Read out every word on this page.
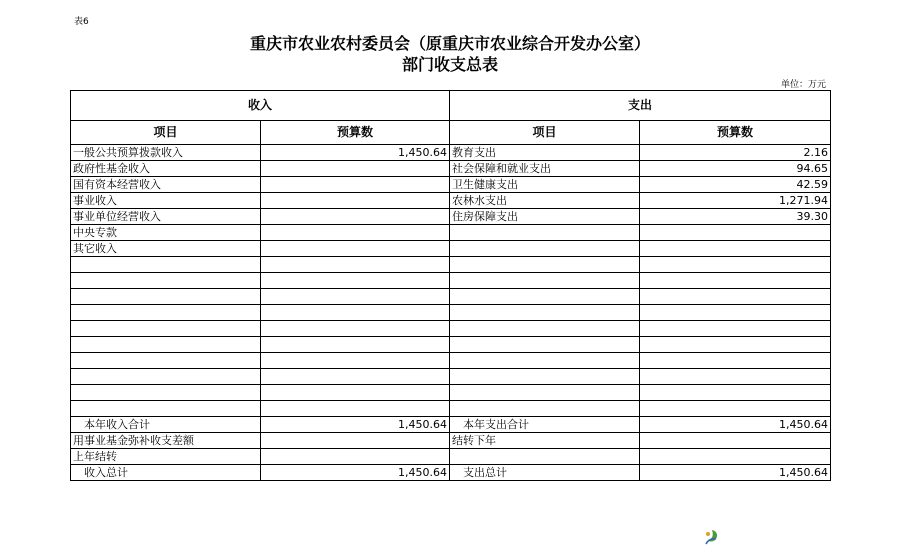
表6
重庆市农业农村委员会（原重庆市农业综合开发办公室）
部门收支总表
单位：万元
收入		支出	
项目	预算数	项目	预算数
一般公共预算拨款收入	1,450.64	教育支出	2.16
政府性基金收入		社会保障和就业支出	94.65
国有资本经营收入		卫生健康支出	42.59
事业收入		农林水支出	1,271.94
事业单位经营收入		住房保障支出	39.30
中央专款			
其它收入			

本年收入合计	1,450.64	本年支出合计	1,450.64
用事业基金弥补收支差额		结转下年	
上年结转			
收入总计	1,450.64	支出总计	1,450.64
